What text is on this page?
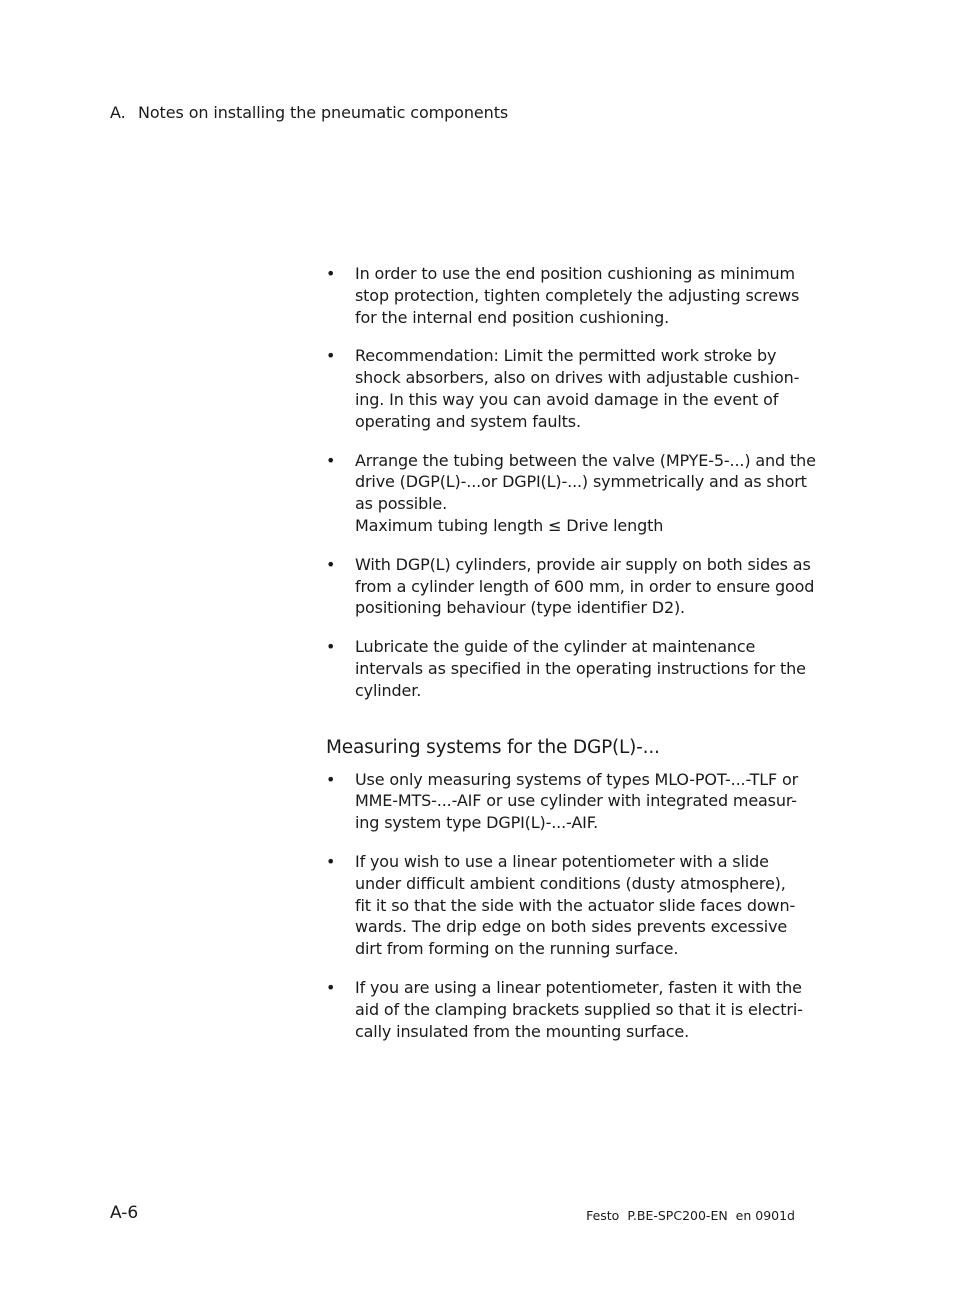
A. Notes on installing the pneumatic components
• In order to use the end position cushioning as minimum
stop protection, tighten completely the adjusting screws
for the internal end position cushioning.
• Recommendation: Limit the permitted work stroke by
shock absorbers, also on drives with adjustable cushion-
ing. In this way you can avoid damage in the event of
operating and system faults.
• Arrange the tubing between the valve (MPYE-5-...) and the
drive (DGP(L)-...or DGPI(L)-...) symmetrically and as short
as possible.
Maximum tubing length ≤ Drive length
• With DGP(L) cylinders, provide air supply on both sides as
from a cylinder length of 600 mm, in order to ensure good
positioning behaviour (type identifier D2).
• Lubricate the guide of the cylinder at maintenance
intervals as specified in the operating instructions for the
cylinder.
Measuring systems for the DGP(L)-...
• Use only measuring systems of types MLO-POT-...-TLF or
MME-MTS-...-AIF or use cylinder with integrated measur-
ing system type DGPI(L)-...-AIF.
• If you wish to use a linear potentiometer with a slide
under difficult ambient conditions (dusty atmosphere),
fit it so that the side with the actuator slide faces down-
wards. The drip edge on both sides prevents excessive
dirt from forming on the running surface.
• If you are using a linear potentiometer, fasten it with the
aid of the clamping brackets supplied so that it is electri-
cally insulated from the mounting surface.
A-6	Festo P.BE-SPC200-EN en 0901d
